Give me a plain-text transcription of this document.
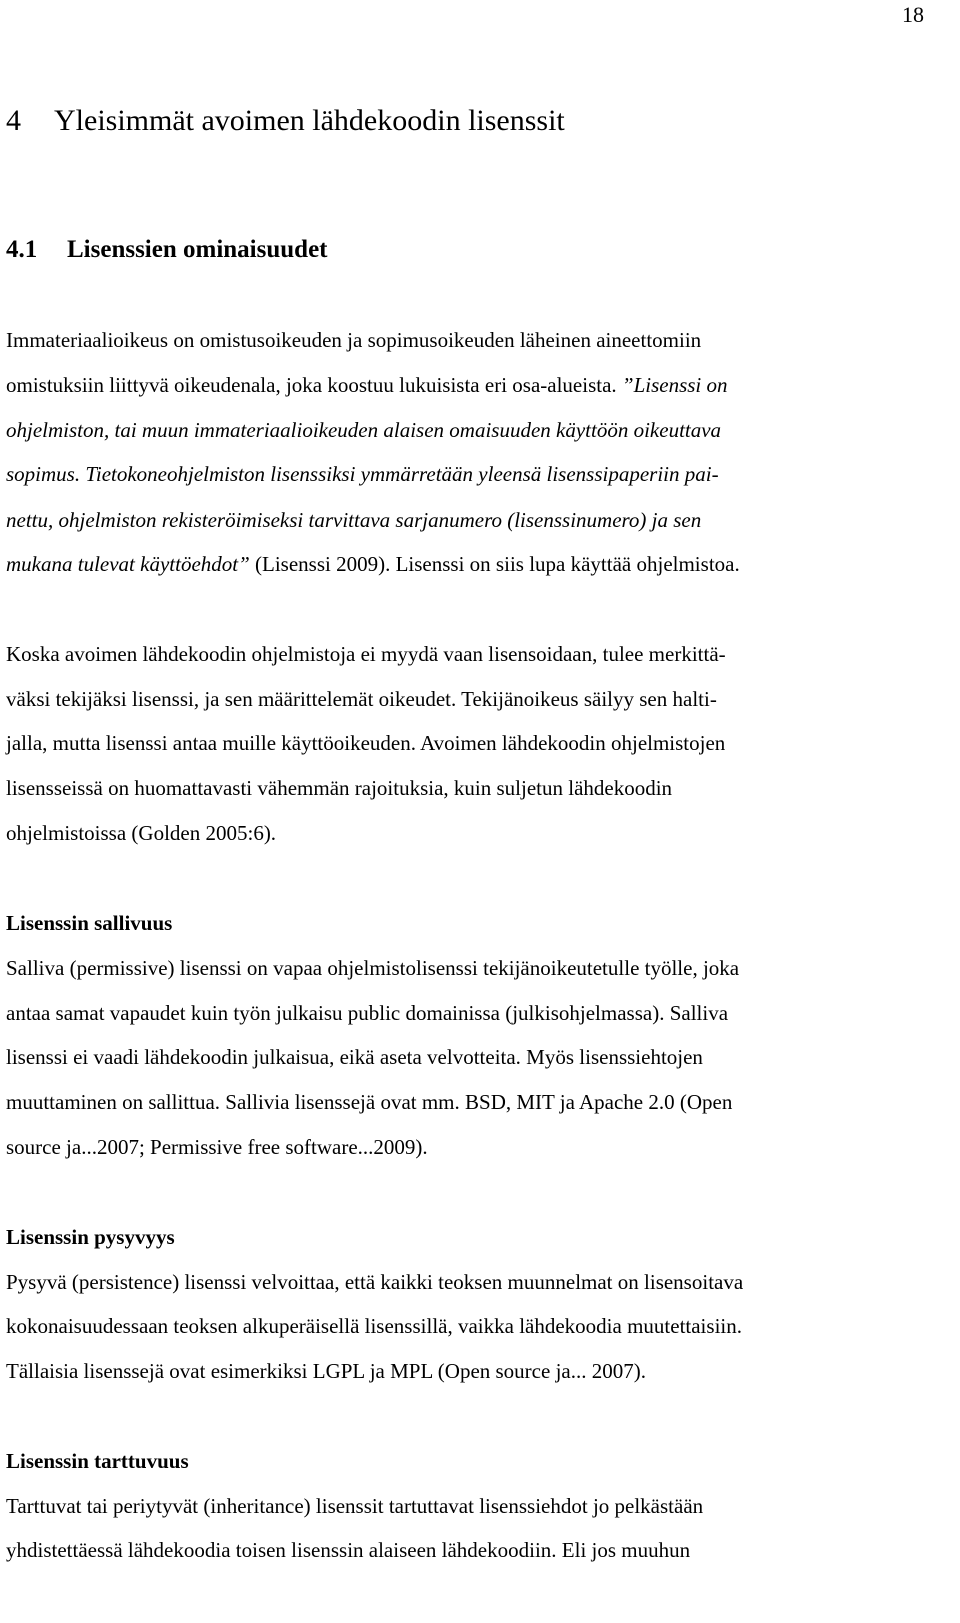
18
4 Yleisimmät avoimen lähdekoodin lisenssit
4.1 Lisenssien ominaisuudet
Immateriaalioikeus on omistusoikeuden ja sopimusoikeuden läheinen aineettomiin
omistuksiin liittyvä oikeudenala, joka koostuu lukuisista eri osa-alueista. ”Lisenssi on
ohjelmiston, tai muun immateriaalioikeuden alaisen omaisuuden käyttöön oikeuttava
sopimus. Tietokoneohjelmiston lisenssiksi ymmärretään yleensä lisenssipaperiin pai-
nettu, ohjelmiston rekisteröimiseksi tarvittava sarjanumero (lisenssinumero) ja sen
mukana tulevat käyttöehdot” (Lisenssi 2009). Lisenssi on siis lupa käyttää ohjelmistoa.
Koska avoimen lähdekoodin ohjelmistoja ei myydä vaan lisensoidaan, tulee merkittä-
väksi tekijäksi lisenssi, ja sen määrittelemät oikeudet. Tekijänoikeus säilyy sen halti-
jalla, mutta lisenssi antaa muille käyttöoikeuden. Avoimen lähdekoodin ohjelmistojen
lisensseissä on huomattavasti vähemmän rajoituksia, kuin suljetun lähdekoodin
ohjelmistoissa (Golden 2005:6).
Lisenssin sallivuus
Salliva (permissive) lisenssi on vapaa ohjelmistolisenssi tekijänoikeutetulle työlle, joka
antaa samat vapaudet kuin työn julkaisu public domainissa (julkisohjelmassa). Salliva
lisenssi ei vaadi lähdekoodin julkaisua, eikä aseta velvotteita. Myös lisenssiehtojen
muuttaminen on sallittua. Sallivia lisenssejä ovat mm. BSD, MIT ja Apache 2.0 (Open
source ja...2007; Permissive free software...2009).
Lisenssin pysyvyys
Pysyvä (persistence) lisenssi velvoittaa, että kaikki teoksen muunnelmat on lisensoitava
kokonaisuudessaan teoksen alkuperäisellä lisenssillä, vaikka lähdekoodia muutettaisiin.
Tällaisia lisenssejä ovat esimerkiksi LGPL ja MPL (Open source ja... 2007).
Lisenssin tarttuvuus
Tarttuvat tai periytyvät (inheritance) lisenssit tartuttavat lisenssiehdot jo pelkästään
yhdistettäessä lähdekoodia toisen lisenssin alaiseen lähdekoodiin. Eli jos muuhun
